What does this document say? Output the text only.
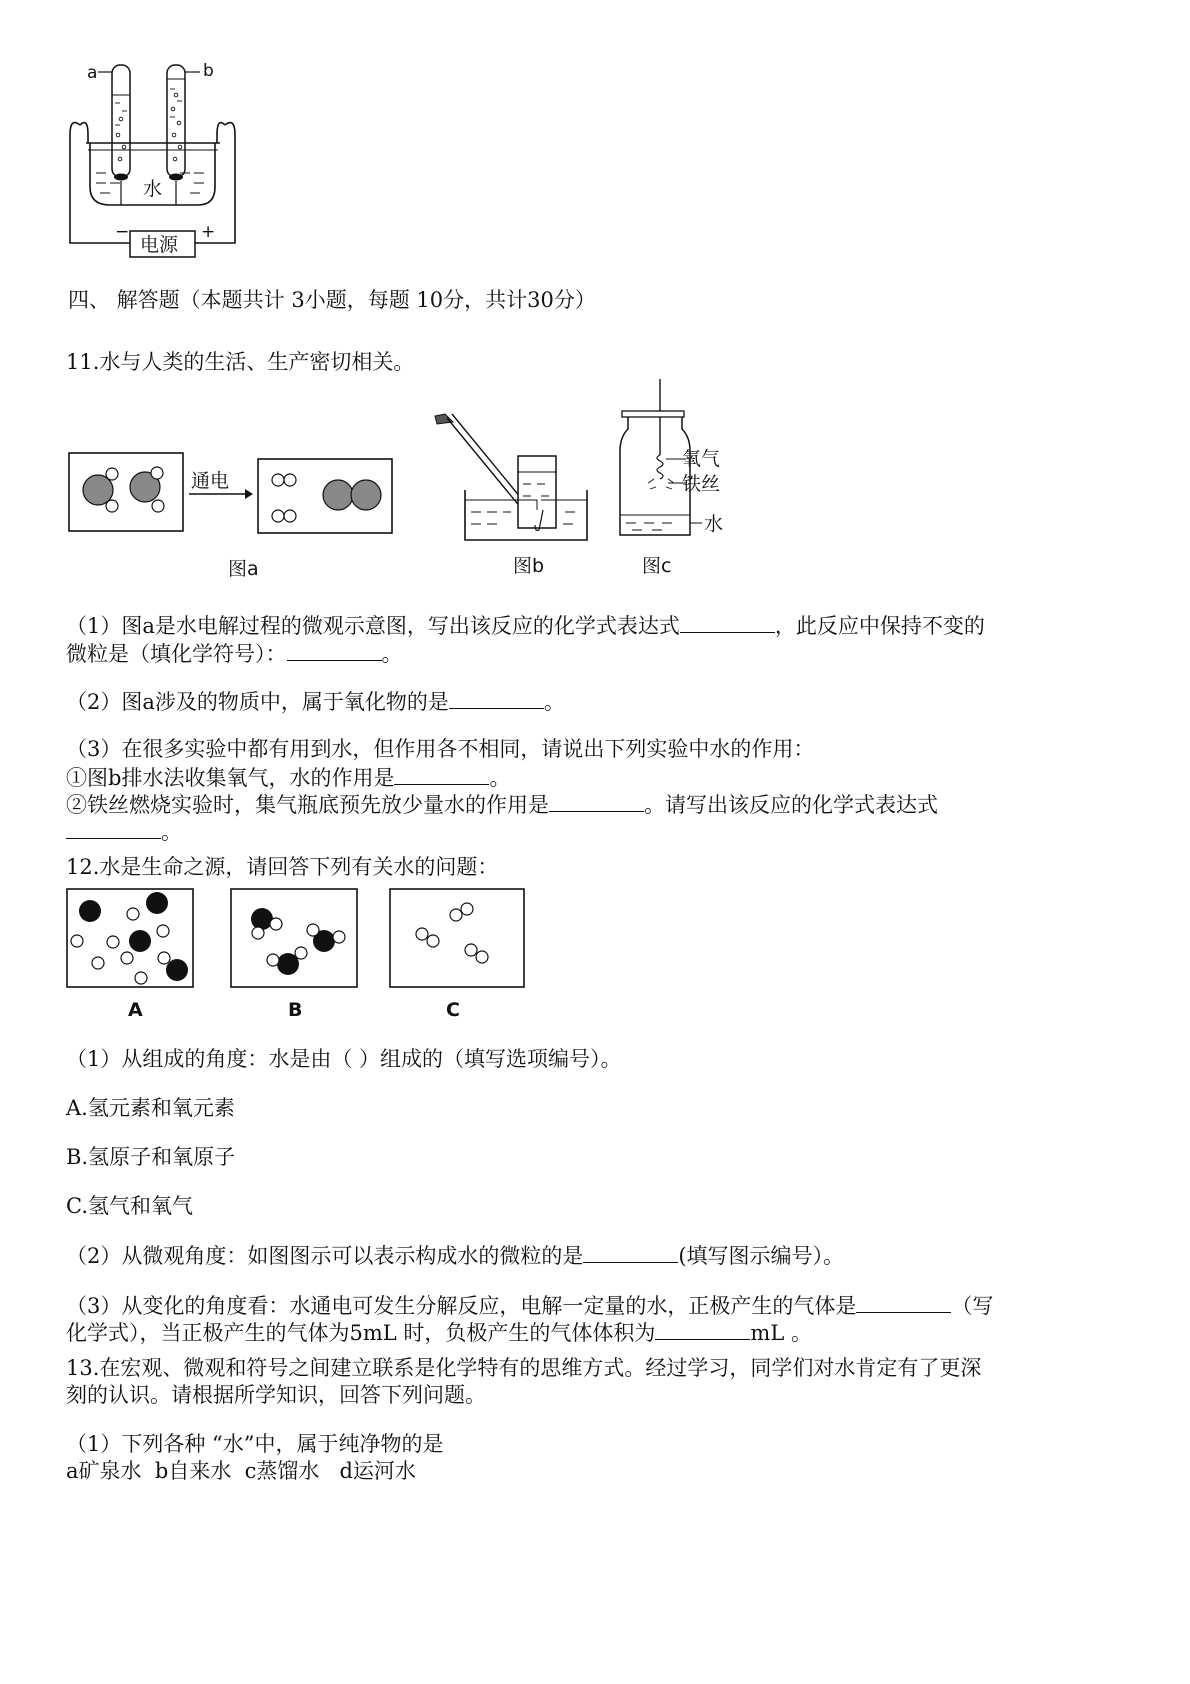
a	b
水
电源
−	+
四、 解答题（本题共计 3小题，每题 10分，共计30分）
11.水与人类的生活、生产密切相关。
通电
图a	图b
氧气
铁丝
水
图c
（1）图a是水电解过程的微观示意图，写出该反应的化学式表达式	，此反应中保持不变的
微粒是（填化学符号）：	。
（2）图a涉及的物质中，属于氧化物的是	。
（3）在很多实验中都有用到水，但作用各不相同，请说出下列实验中水的作用：
①图b排水法收集氧气，水的作用是	。
②铁丝燃烧实验时，集气瓶底预先放少量水的作用是	。请写出该反应的化学式表达式
。
12.水是生命之源，请回答下列有关水的问题：
A	B	C
（1）从组成的角度：水是由（ ）组成的（填写选项编号）。
A.氢元素和氧元素
B.氢原子和氧原子
C.氢气和氧气
（2）从微观角度：如图图示可以表示构成水的微粒的是	(填写图示编号）。
（3）从变化的角度看：水通电可发生分解反应，电解一定量的水，正极产生的气体是	（写
化学式），当正极产生的气体为5mL 时，负极产生的气体体积为	mL 。
13.在宏观、微观和符号之间建立联系是化学特有的思维方式。经过学习，同学们对水肯定有了更深
刻的认识。请根据所学知识，回答下列问题。
（1）下列各种 “水”中，属于纯净物的是
a矿泉水  b自来水  c蒸馏水   d运河水
